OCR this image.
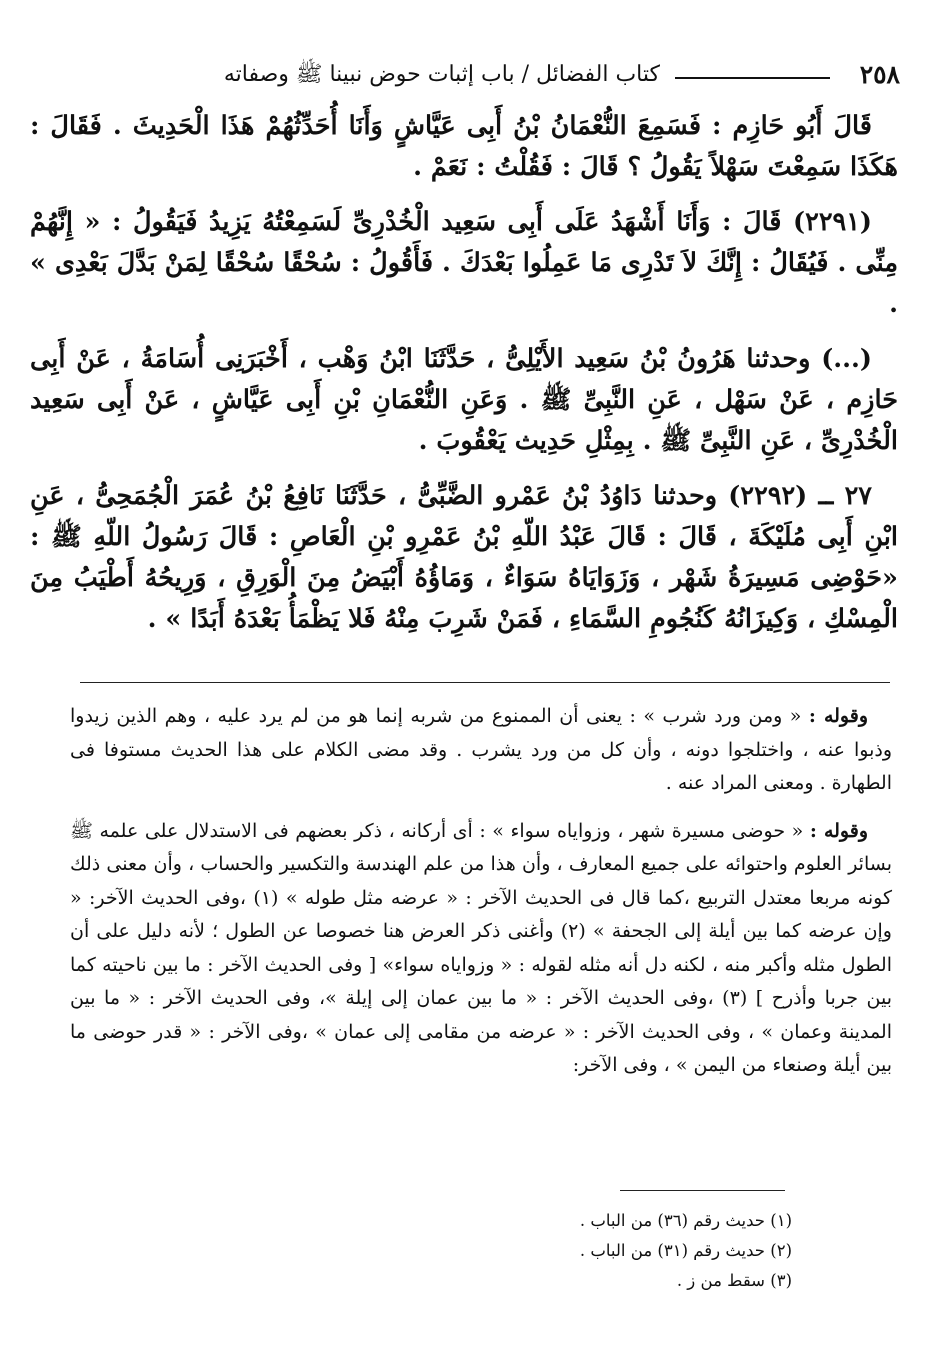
٢٥٨
كتاب الفضائل / باب إثبات حوض نبينا ﷺ وصفاته

قَالَ أَبُو حَازِم : فَسَمِعَ النُّعْمَانُ بْنُ أَبِى عَيَّاشٍ وَأَنَا أُحَدِّثُهُمْ هَذَا الْحَدِيثَ . فَقَالَ : هَكَذَا سَمِعْتَ سَهْلاً يَقُولُ ؟ قَالَ : فَقُلْتُ : نَعَمْ .

(٢٢٩١) قَالَ : وَأَنَا أَشْهَدُ عَلَى أَبِى سَعِيد الْخُدْرِىِّ لَسَمِعْتُهُ يَزِيدُ فَيَقُولُ : « إِنَّهُمْ مِنِّى . فَيُقَالُ : إِنَّكَ لاَ تَدْرِى مَا عَمِلُوا بَعْدَكَ . فَأَقُولُ : سُحْقًا سُحْقًا لِمَنْ بَدَّلَ بَعْدِى » .

(...) وحدثنا هَرُونُ بْنُ سَعِيد الأَيْلِىُّ ، حَدَّثَنَا ابْنُ وَهْب ، أَخْبَرَنِى أُسَامَةُ ، عَنْ أَبِى حَازِم ، عَنْ سَهْل ، عَنِ النَّبِىِّ ﷺ . وَعَنِ النُّعْمَانِ بْنِ أَبِى عَيَّاشٍ ، عَنْ أَبِى سَعِيد الْخُدْرِىِّ ، عَنِ النَّبِىِّ ﷺ . بِمِثْلِ حَدِيث يَعْقُوبَ .

٢٧ ــ (٢٢٩٢) وحدثنا دَاوُدُ بْنُ عَمْرو الضَّبِّىُّ ، حَدَّثَنَا نَافِعُ بْنُ عُمَرَ الْجُمَحِىُّ ، عَنِ ابْنِ أَبِى مُلَيْكَةَ ، قَالَ : قَالَ عَبْدُ اللّهِ بْنُ عَمْرِو بْنِ الْعَاصِ : قَالَ رَسُولُ اللّهِ ﷺ : «حَوْضِى مَسِيرَةُ شَهْر ، وَزَوَايَاهُ سَوَاءٌ ، وَمَاؤُهُ أَبْيَضُ مِنَ الْوَرِقِ ، وَرِيحُهُ أَطْيَبُ مِنَ الْمِسْكِ ، وَكِيزَانُهُ كَنُجُومِ السَّمَاءِ ، فَمَنْ شَرِبَ مِنْهُ فَلا يَظْمَأُ بَعْدَهُ أَبَدًا » .

وقوله : « ومن ورد شرب » : يعنى أن الممنوع من شربه إنما هو من لم يرد عليه ، وهم الذين زيدوا وذبوا عنه ، واختلجوا دونه ، وأن كل من ورد يشرب . وقد مضى الكلام على هذا الحديث مستوفا فى الطهارة . ومعنى المراد عنه .

وقوله : « حوضى مسيرة شهر ، وزواياه سواء » : أى أركانه ، ذكر بعضهم فى الاستدلال على علمه ﷺ بسائر العلوم واحتوائه على جميع المعارف ، وأن هذا من علم الهندسة والتكسير والحساب ، وأن معنى ذلك كونه مربعا معتدل التربيع ،كما قال فى الحديث الآخر : « عرضه مثل طوله » (١) ،وفى الحديث الآخر: « وإن عرضه كما بين أيلة إلى الجحفة » (٢) وأغنى ذكر العرض هنا خصوصا عن الطول ؛ لأنه دليل على أن الطول مثله وأكبر منه ، لكنه دل أنه مثله لقوله : « وزواياه سواء» [ وفى الحديث الآخر : ما بين ناحيته كما بين جربا وأذرح ] (٣) ،وفى الحديث الآخر : « ما بين عمان إلى إيلة »، وفى الحديث الآخر : « ما بين المدينة وعمان » ، وفى الحديث الآخر : « عرضه من مقامى إلى عمان » ،وفى الآخر : « قدر حوضى ما بين أيلة وصنعاء من اليمن » ، وفى الآخر:

(١) حديث رقم (٣٦) من الباب .
(٢) حديث رقم (٣١) من الباب .
(٣) سقط من ز .
